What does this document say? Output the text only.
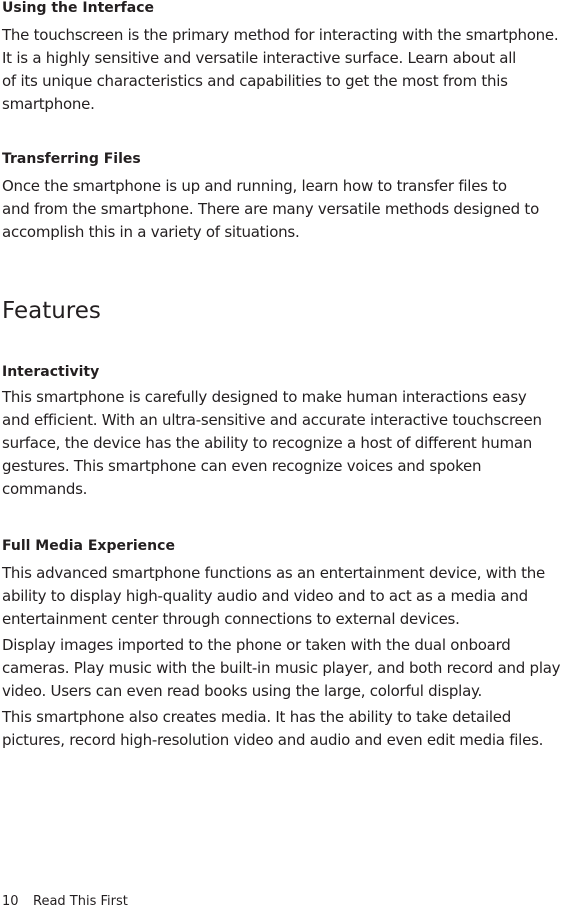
Using the Interface

The touchscreen is the primary method for interacting with the smartphone.
It is a highly sensitive and versatile interactive surface. Learn about all
of its unique characteristics and capabilities to get the most from this
smartphone.

Transferring Files

Once the smartphone is up and running, learn how to transfer files to
and from the smartphone. There are many versatile methods designed to
accomplish this in a variety of situations.

Features
Interactivity

This smartphone is carefully designed to make human interactions easy
and efficient. With an ultra-sensitive and accurate interactive touchscreen
surface, the device has the ability to recognize a host of different human
gestures. This smartphone can even recognize voices and spoken
commands.

Full Media Experience

This advanced smartphone functions as an entertainment device, with the
ability to display high-quality audio and video and to act as a media and
entertainment center through connections to external devices.

Display images imported to the phone or taken with the dual onboard
cameras. Play music with the built-in music player, and both record and play
video. Users can even read books using the large, colorful display.

This smartphone also creates media. It has the ability to take detailed
pictures, record high-resolution video and audio and even edit media files.

10 Read This First
